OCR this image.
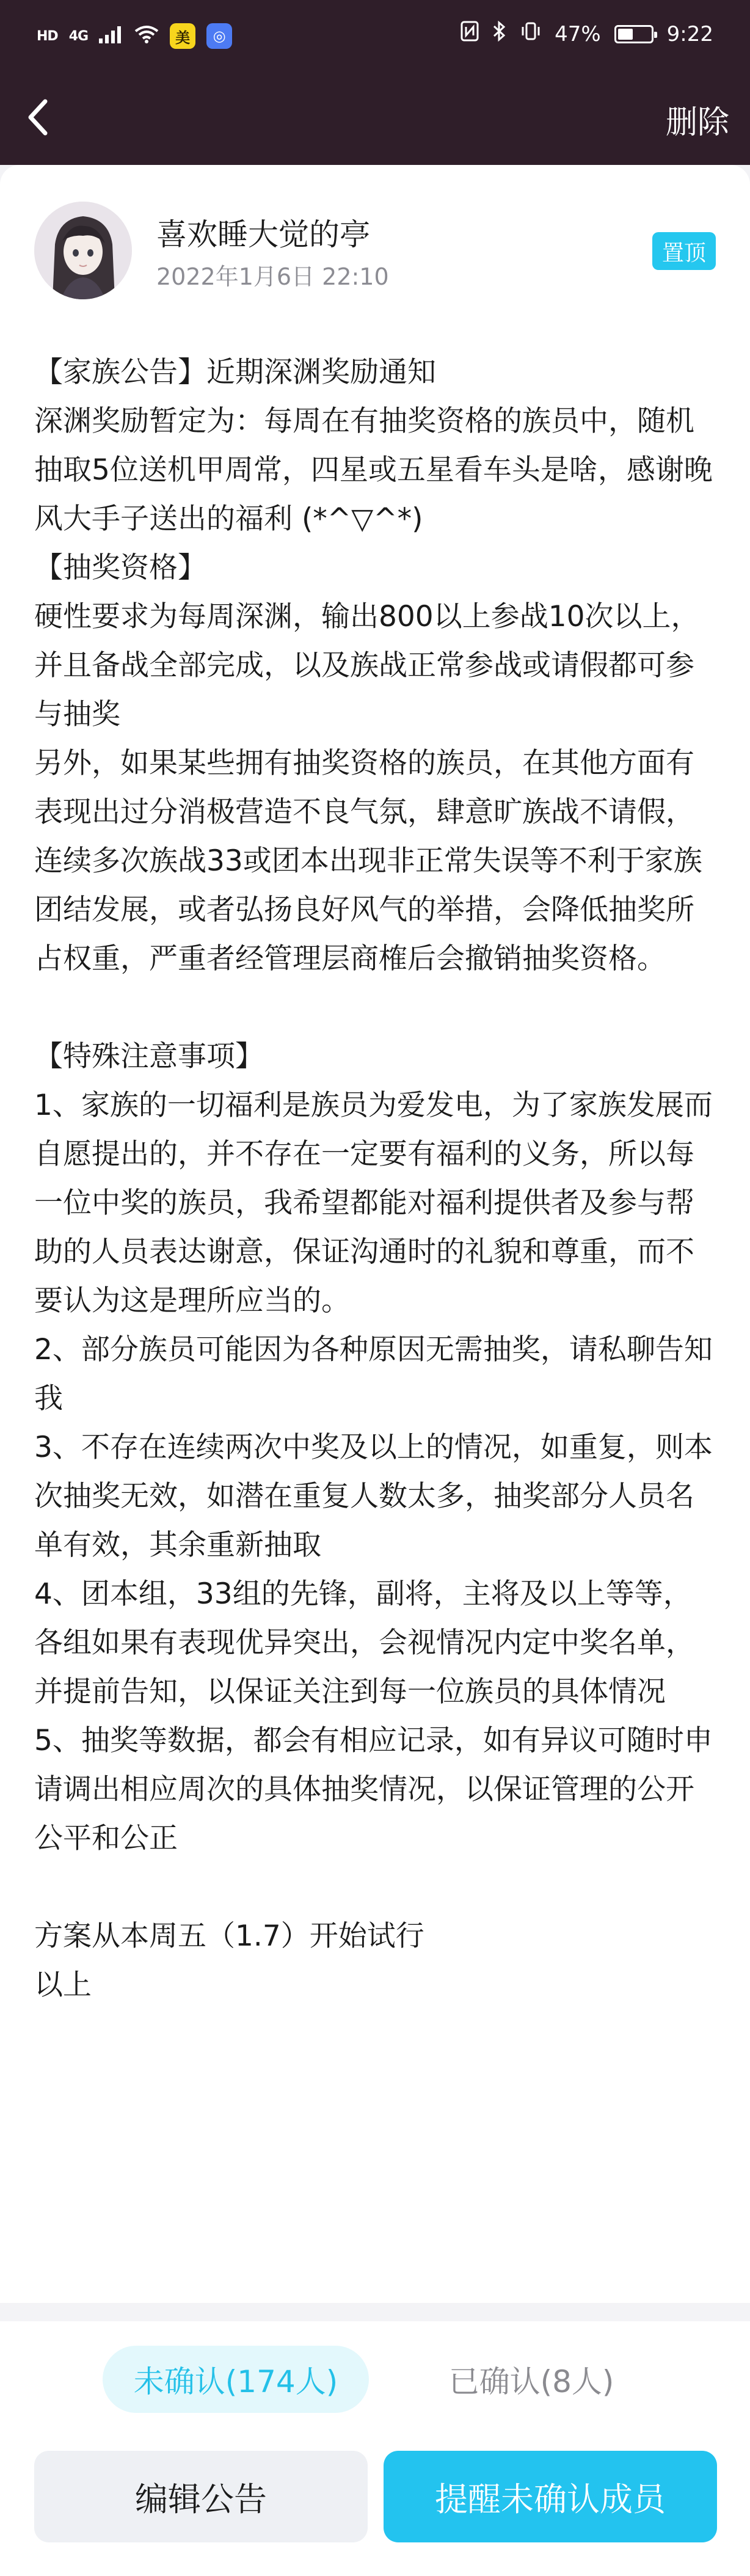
HD 4G	美	◎	47%	9:22
删除
喜欢睡大觉的亭
2022年1月6日 22:10
置顶

【家族公告】近期深渊奖励通知

深渊奖励暂定为：每周在有抽奖资格的族员中，随机抽取5位送机甲周常，四星或五星看车头是啥，感谢晚风大手子送出的福利 (*^▽^*)

【抽奖资格】

硬性要求为每周深渊，输出800以上参战10次以上，并且备战全部完成，以及族战正常参战或请假都可参与抽奖

另外，如果某些拥有抽奖资格的族员，在其他方面有表现出过分消极营造不良气氛，肆意旷族战不请假，连续多次族战33或团本出现非正常失误等不利于家族团结发展，或者弘扬良好风气的举措，会降低抽奖所占权重，严重者经管理层商榷后会撤销抽奖资格。

【特殊注意事项】

1、家族的一切福利是族员为爱发电，为了家族发展而自愿提出的，并不存在一定要有福利的义务，所以每一位中奖的族员，我希望都能对福利提供者及参与帮助的人员表达谢意，保证沟通时的礼貌和尊重，而不要认为这是理所应当的。

2、部分族员可能因为各种原因无需抽奖，请私聊告知我

3、不存在连续两次中奖及以上的情况，如重复，则本次抽奖无效，如潜在重复人数太多，抽奖部分人员名单有效，其余重新抽取

4、团本组，33组的先锋，副将，主将及以上等等，各组如果有表现优异突出，会视情况内定中奖名单，并提前告知，以保证关注到每一位族员的具体情况

5、抽奖等数据，都会有相应记录，如有异议可随时申请调出相应周次的具体抽奖情况，以保证管理的公开公平和公正

方案从本周五（1.7）开始试行

以上

未确认(174人)	已确认(8人)
编辑公告	提醒未确认成员
